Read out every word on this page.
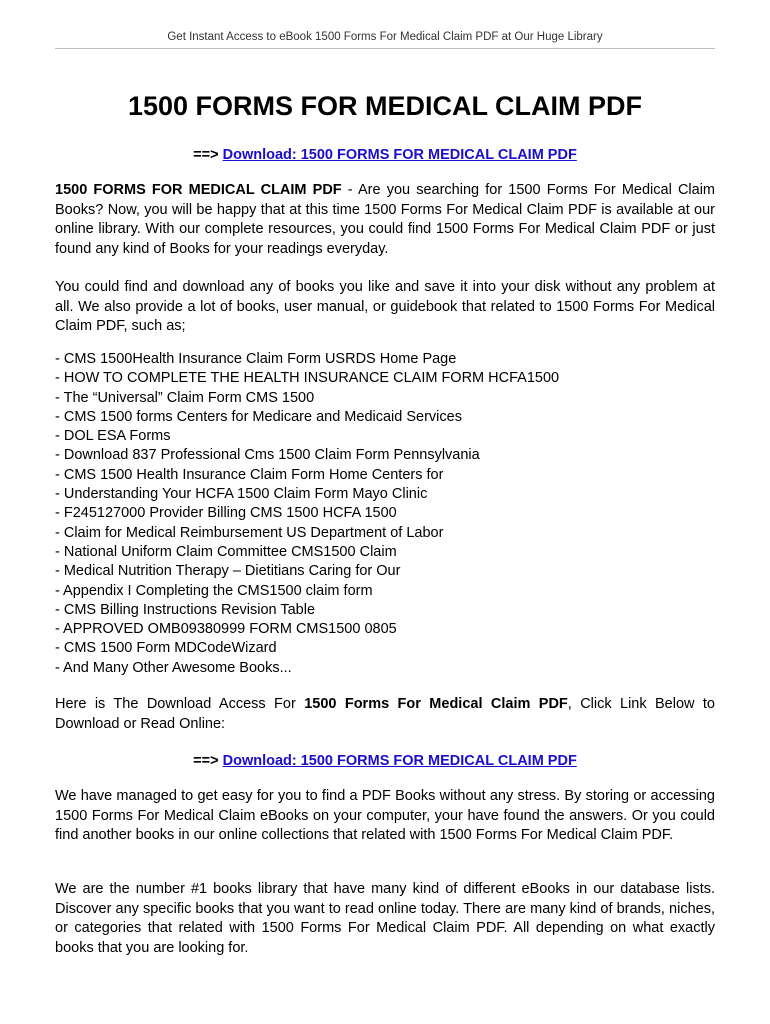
Get Instant Access to eBook 1500 Forms For Medical Claim PDF at Our Huge Library
1500 FORMS FOR MEDICAL CLAIM PDF
==> Download: 1500 FORMS FOR MEDICAL CLAIM PDF

1500 FORMS FOR MEDICAL CLAIM PDF - Are you searching for 1500 Forms For Medical Claim Books? Now, you will be happy that at this time 1500 Forms For Medical Claim PDF is available at our online library. With our complete resources, you could find 1500 Forms For Medical Claim PDF or just found any kind of Books for your readings everyday.

You could find and download any of books you like and save it into your disk without any problem at all. We also provide a lot of books, user manual, or guidebook that related to 1500 Forms For Medical Claim PDF, such as;

- CMS 1500Health Insurance Claim Form USRDS Home Page
- HOW TO COMPLETE THE HEALTH INSURANCE CLAIM FORM HCFA1500
- The “Universal” Claim Form CMS 1500
- CMS 1500 forms Centers for Medicare and Medicaid Services
- DOL ESA Forms
- Download 837 Professional Cms 1500 Claim Form Pennsylvania
- CMS 1500 Health Insurance Claim Form Home Centers for
- Understanding Your HCFA 1500 Claim Form Mayo Clinic
- F245127000 Provider Billing CMS 1500 HCFA 1500
- Claim for Medical Reimbursement US Department of Labor
- National Uniform Claim Committee CMS1500 Claim
- Medical Nutrition Therapy – Dietitians Caring for Our
- Appendix I Completing the CMS1500 claim form
- CMS Billing Instructions Revision Table
- APPROVED OMB09380999 FORM CMS1500 0805
- CMS 1500 Form MDCodeWizard
- And Many Other Awesome Books...

Here is The Download Access For 1500 Forms For Medical Claim PDF, Click Link Below to Download or Read Online:

==> Download: 1500 FORMS FOR MEDICAL CLAIM PDF

We have managed to get easy for you to find a PDF Books without any stress. By storing or accessing 1500 Forms For Medical Claim eBooks on your computer, your have found the answers. Or you could find another books in our online collections that related with 1500 Forms For Medical Claim PDF.

We are the number #1 books library that have many kind of different eBooks in our database lists. Discover any specific books that you want to read online today. There are many kind of brands, niches, or categories that related with 1500 Forms For Medical Claim PDF. All depending on what exactly books that you are looking for.
